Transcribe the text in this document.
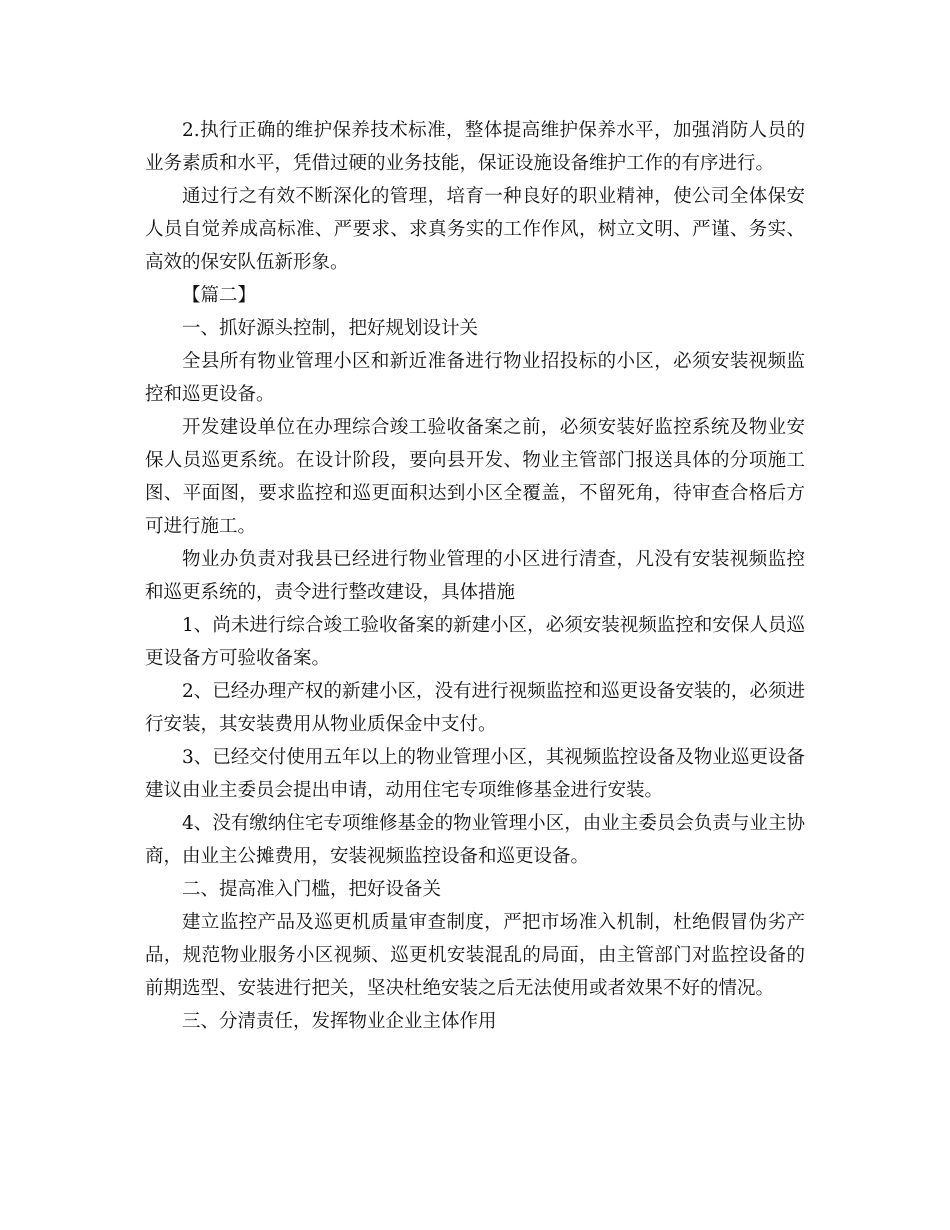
2.执行正确的维护保养技术标准，整体提高维护保养水平，加强消防人员的业务素质和水平，凭借过硬的业务技能，保证设施设备维护工作的有序进行。

通过行之有效不断深化的管理，培育一种良好的职业精神，使公司全体保安人员自觉养成高标准、严要求、求真务实的工作作风，树立文明、严谨、务实、高效的保安队伍新形象。

【篇二】

一、抓好源头控制，把好规划设计关

全县所有物业管理小区和新近准备进行物业招投标的小区，必须安装视频监控和巡更设备。

开发建设单位在办理综合竣工验收备案之前，必须安装好监控系统及物业安保人员巡更系统。在设计阶段，要向县开发、物业主管部门报送具体的分项施工图、平面图，要求监控和巡更面积达到小区全覆盖，不留死角，待审查合格后方可进行施工。

物业办负责对我县已经进行物业管理的小区进行清查，凡没有安装视频监控和巡更系统的，责令进行整改建设，具体措施

1、尚未进行综合竣工验收备案的新建小区，必须安装视频监控和安保人员巡更设备方可验收备案。

2、已经办理产权的新建小区，没有进行视频监控和巡更设备安装的，必须进行安装，其安装费用从物业质保金中支付。

3、已经交付使用五年以上的物业管理小区，其视频监控设备及物业巡更设备建议由业主委员会提出申请，动用住宅专项维修基金进行安装。

4、没有缴纳住宅专项维修基金的物业管理小区，由业主委员会负责与业主协商，由业主公摊费用，安装视频监控设备和巡更设备。

二、提高准入门槛，把好设备关

建立监控产品及巡更机质量审查制度，严把市场准入机制，杜绝假冒伪劣产品，规范物业服务小区视频、巡更机安装混乱的局面，由主管部门对监控设备的前期选型、安装进行把关，坚决杜绝安装之后无法使用或者效果不好的情况。

三、分清责任，发挥物业企业主体作用
